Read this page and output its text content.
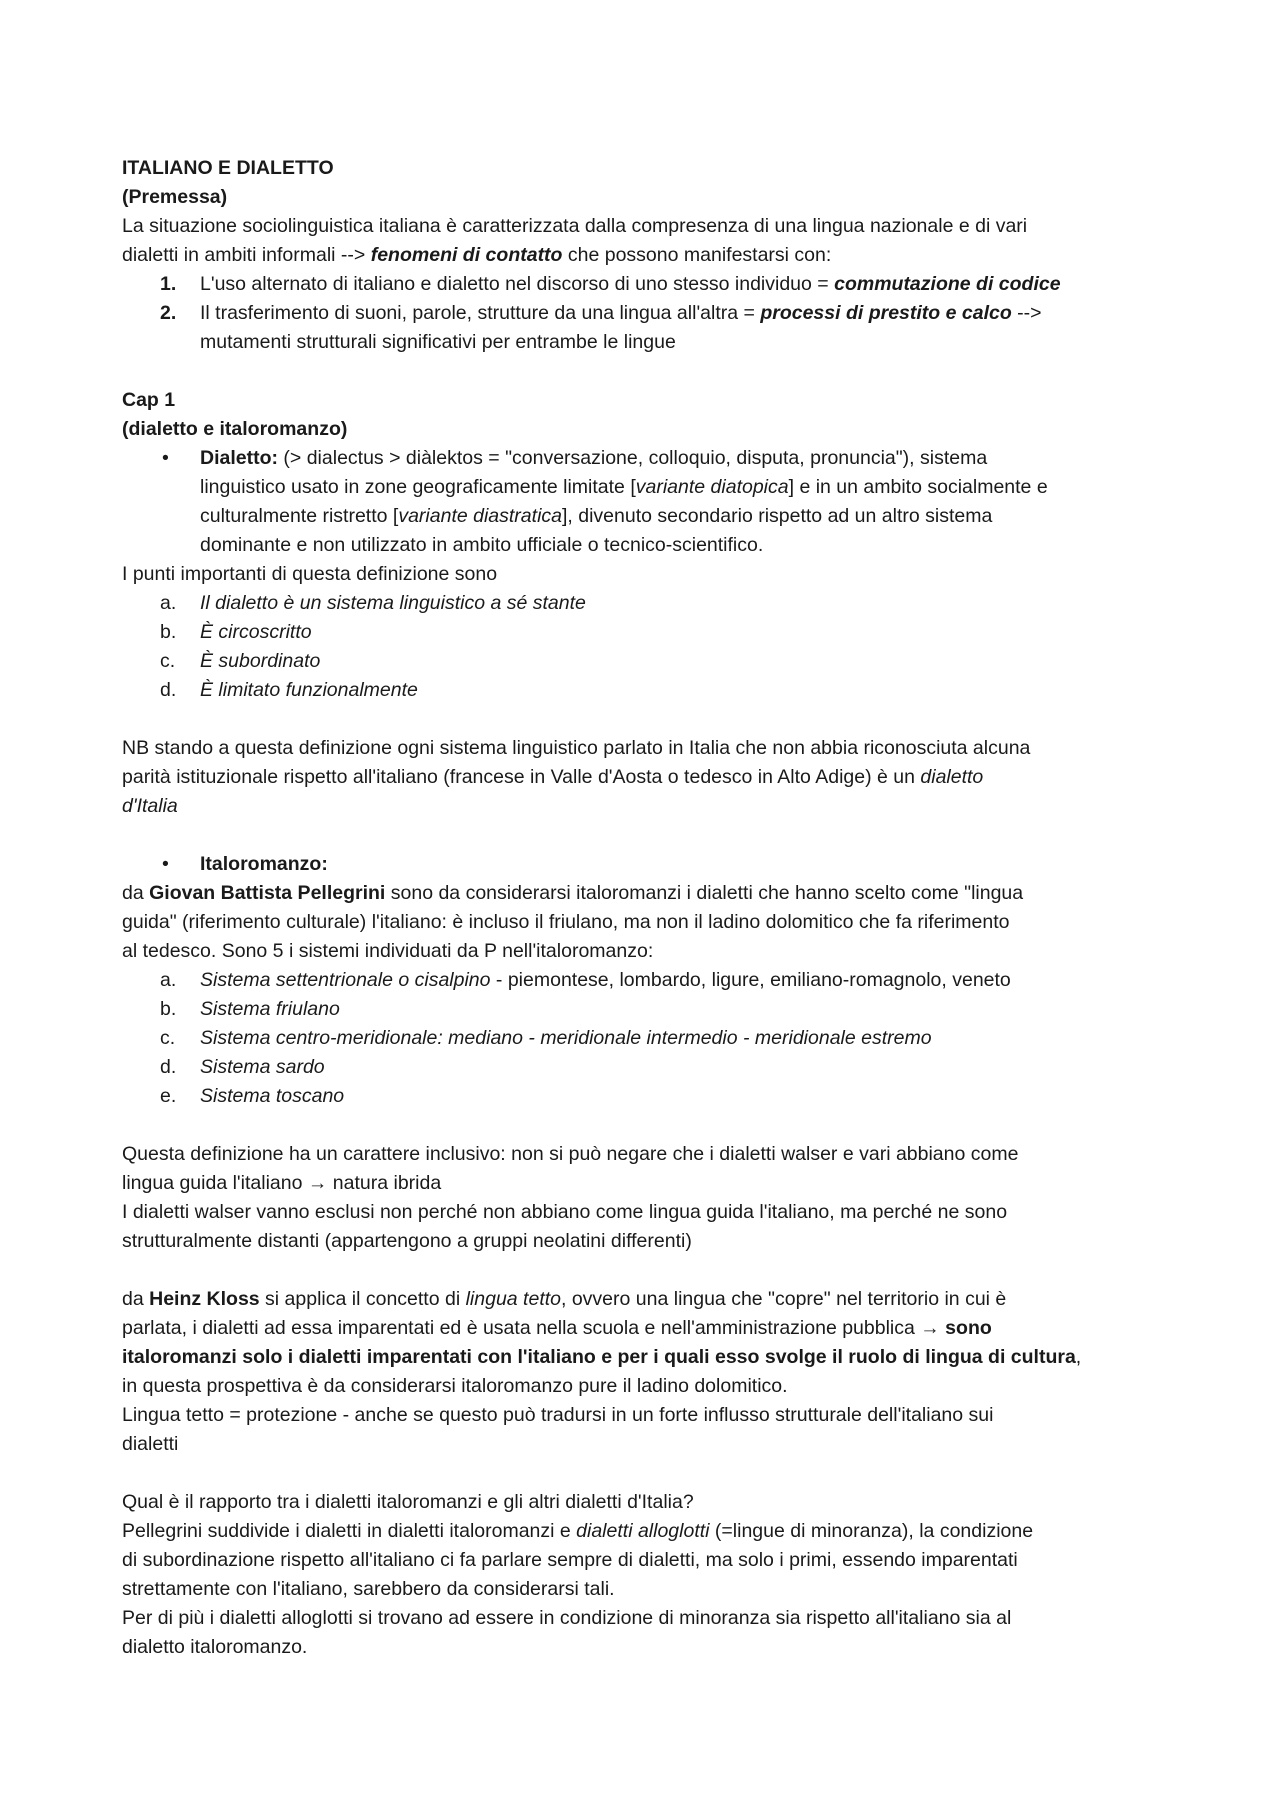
ITALIANO E DIALETTO

(Premessa)

La situazione sociolinguistica italiana è caratterizzata dalla compresenza di una lingua nazionale e di vari

dialetti in ambiti informali --> fenomeni di contatto che possono manifestarsi con:

1.	L'uso alternato di italiano e dialetto nel discorso di uno stesso individuo = commutazione di codice

2.	Il trasferimento di suoni, parole, strutture da una lingua all'altra = processi di prestito e calco -->

mutamenti strutturali significativi per entrambe le lingue

Cap 1

(dialetto e italoromanzo)

•	Dialetto: (> dialectus > diàlektos = "conversazione, colloquio, disputa, pronuncia"), sistema

linguistico usato in zone geograficamente limitate [variante diatopica] e in un ambito socialmente e

culturalmente ristretto [variante diastratica], divenuto secondario rispetto ad un altro sistema

dominante e non utilizzato in ambito ufficiale o tecnico-scientifico.

I punti importanti di questa definizione sono

a.	Il dialetto è un sistema linguistico a sé stante

b.	È circoscritto

c.	È subordinato

d.	È limitato funzionalmente

NB stando a questa definizione ogni sistema linguistico parlato in Italia che non abbia riconosciuta alcuna

parità istituzionale rispetto all'italiano (francese in Valle d'Aosta o tedesco in Alto Adige) è un dialetto

d'Italia

•	Italoromanzo:

da Giovan Battista Pellegrini sono da considerarsi italoromanzi i dialetti che hanno scelto come "lingua

guida" (riferimento culturale) l'italiano: è incluso il friulano, ma non il ladino dolomitico che fa riferimento

al tedesco. Sono 5 i sistemi individuati da P nell'italoromanzo:

a.	Sistema settentrionale o cisalpino - piemontese, lombardo, ligure, emiliano-romagnolo, veneto

b.	Sistema friulano

c.	Sistema centro-meridionale: mediano - meridionale intermedio - meridionale estremo

d.	Sistema sardo

e.	Sistema toscano

Questa definizione ha un carattere inclusivo: non si può negare che i dialetti walser e vari abbiano come

lingua guida l'italiano → natura ibrida

I dialetti walser vanno esclusi non perché non abbiano come lingua guida l'italiano, ma perché ne sono

strutturalmente distanti (appartengono a gruppi neolatini differenti)

da Heinz Kloss si applica il concetto di lingua tetto, ovvero una lingua che "copre" nel territorio in cui è

parlata, i dialetti ad essa imparentati ed è usata nella scuola e nell'amministrazione pubblica → sono

italoromanzi solo i dialetti imparentati con l'italiano e per i quali esso svolge il ruolo di lingua di cultura,

in questa prospettiva è da considerarsi italoromanzo pure il ladino dolomitico.

Lingua tetto = protezione - anche se questo può tradursi in un forte influsso strutturale dell'italiano sui

dialetti

Qual è il rapporto tra i dialetti italoromanzi e gli altri dialetti d'Italia?

Pellegrini suddivide i dialetti in dialetti italoromanzi e dialetti alloglotti (=lingue di minoranza), la condizione

di subordinazione rispetto all'italiano ci fa parlare sempre di dialetti, ma solo i primi, essendo imparentati

strettamente con l'italiano, sarebbero da considerarsi tali.

Per di più i dialetti alloglotti si trovano ad essere in condizione di minoranza sia rispetto all'italiano sia al

dialetto italoromanzo.
